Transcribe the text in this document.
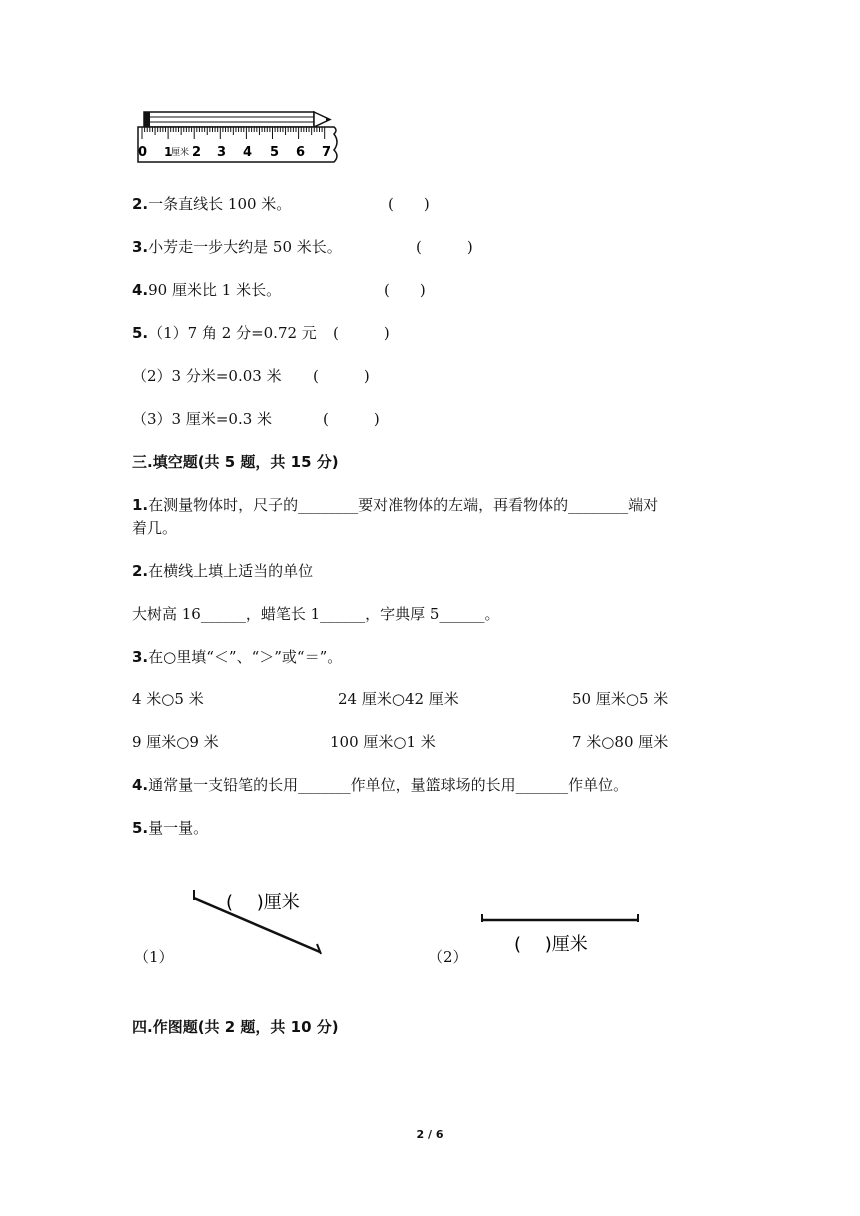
0 1
厘米 2 3 4 5 6 7
2.一条直线长 100 米。	(　　)
3.小芳走一步大约是 50 米长。	(　　　)
4.90 厘米比 1 米长。	(　　)
5.（1）7 角 2 分=0.72 元 (　　　)
（2）3 分米=0.03 米 (　　　)
（3）3 厘米=0.3 米	(　　　)
三.填空题(共 5 题，共 15 分)
1.在测量物体时，尺子的________要对准物体的左端，再看物体的________端对
着几。
2.在横线上填上适当的单位
大树高 16______，蜡笔长 1______，字典厚 5______。
3.在○里填“＜”、“＞”或“＝”。
4 米○5 米	24 厘米○42 厘米	50 厘米○5 米
9 厘米○9 米	100 厘米○1 米	7 米○80 厘米
4.通常量一支铅笔的长用_______作单位，量篮球场的长用_______作单位。
5.量一量。
(　 )厘米
（1）
(　 )厘米
（2）
四.作图题(共 2 题，共 10 分)
2 / 6
